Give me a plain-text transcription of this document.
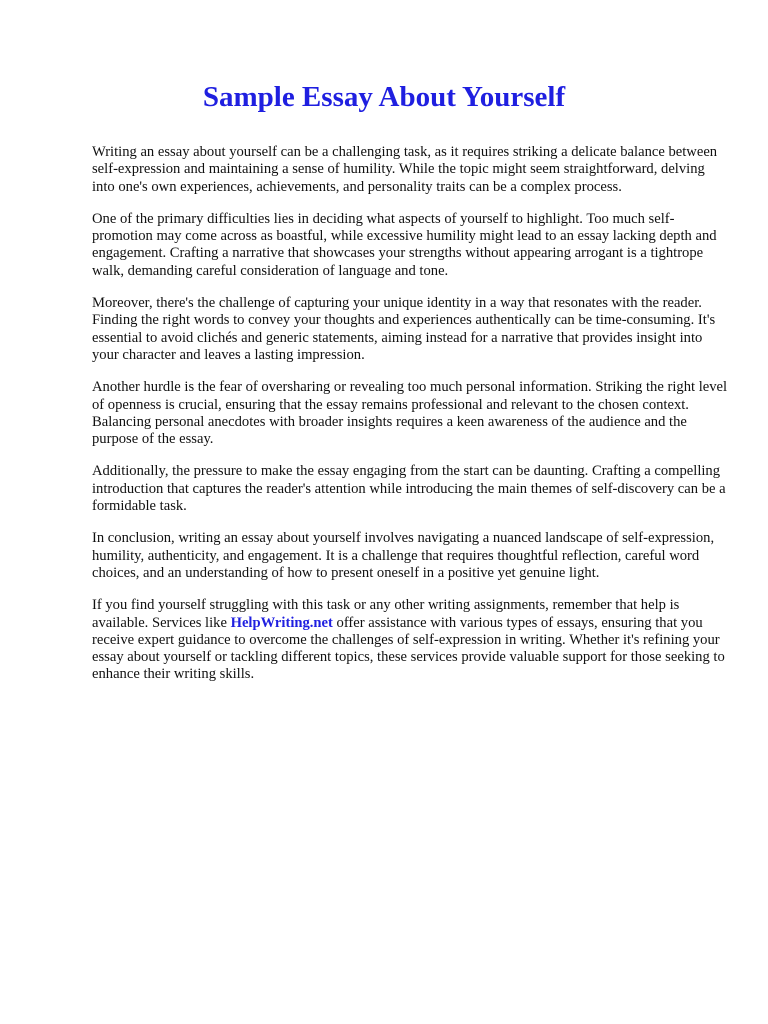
Sample Essay About Yourself

Writing an essay about yourself can be a challenging task, as it requires striking a delicate balance between self-expression and maintaining a sense of humility. While the topic might seem straightforward, delving into one's own experiences, achievements, and personality traits can be a complex process.

One of the primary difficulties lies in deciding what aspects of yourself to highlight. Too much self-promotion may come across as boastful, while excessive humility might lead to an essay lacking depth and engagement. Crafting a narrative that showcases your strengths without appearing arrogant is a tightrope walk, demanding careful consideration of language and tone.

Moreover, there's the challenge of capturing your unique identity in a way that resonates with the reader. Finding the right words to convey your thoughts and experiences authentically can be time-consuming. It's essential to avoid clichés and generic statements, aiming instead for a narrative that provides insight into your character and leaves a lasting impression.

Another hurdle is the fear of oversharing or revealing too much personal information. Striking the right level of openness is crucial, ensuring that the essay remains professional and relevant to the chosen context. Balancing personal anecdotes with broader insights requires a keen awareness of the audience and the purpose of the essay.

Additionally, the pressure to make the essay engaging from the start can be daunting. Crafting a compelling introduction that captures the reader's attention while introducing the main themes of self-discovery can be a formidable task.

In conclusion, writing an essay about yourself involves navigating a nuanced landscape of self-expression, humility, authenticity, and engagement. It is a challenge that requires thoughtful reflection, careful word choices, and an understanding of how to present oneself in a positive yet genuine light.

If you find yourself struggling with this task or any other writing assignments, remember that help is available. Services like HelpWriting.net offer assistance with various types of essays, ensuring that you receive expert guidance to overcome the challenges of self-expression in writing. Whether it's refining your essay about yourself or tackling different topics, these services provide valuable support for those seeking to enhance their writing skills.
